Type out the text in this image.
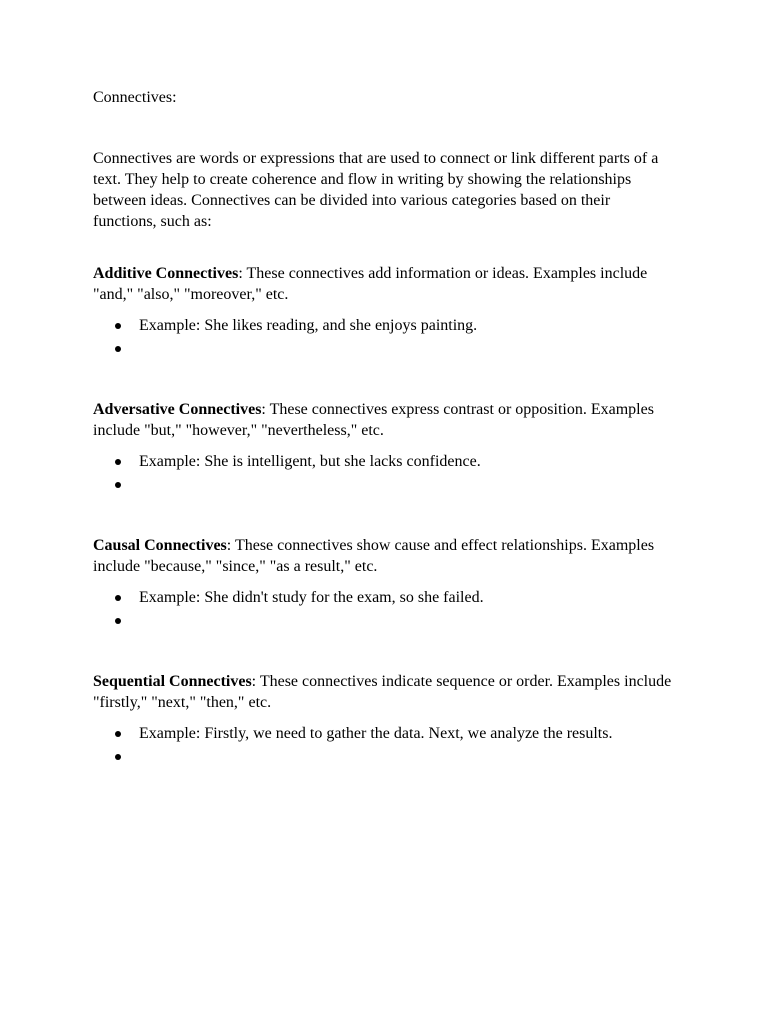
Connectives:

Connectives are words or expressions that are used to connect or link different parts of a text. They help to create coherence and flow in writing by showing the relationships between ideas. Connectives can be divided into various categories based on their functions, such as:

Additive Connectives: These connectives add information or ideas. Examples include "and," "also," "moreover," etc.

Example: She likes reading, and she enjoys painting.

Adversative Connectives: These connectives express contrast or opposition. Examples include "but," "however," "nevertheless," etc.

Example: She is intelligent, but she lacks confidence.

Causal Connectives: These connectives show cause and effect relationships. Examples include "because," "since," "as a result," etc.

Example: She didn't study for the exam, so she failed.

Sequential Connectives: These connectives indicate sequence or order. Examples include "firstly," "next," "then," etc.

Example: Firstly, we need to gather the data. Next, we analyze the results.
